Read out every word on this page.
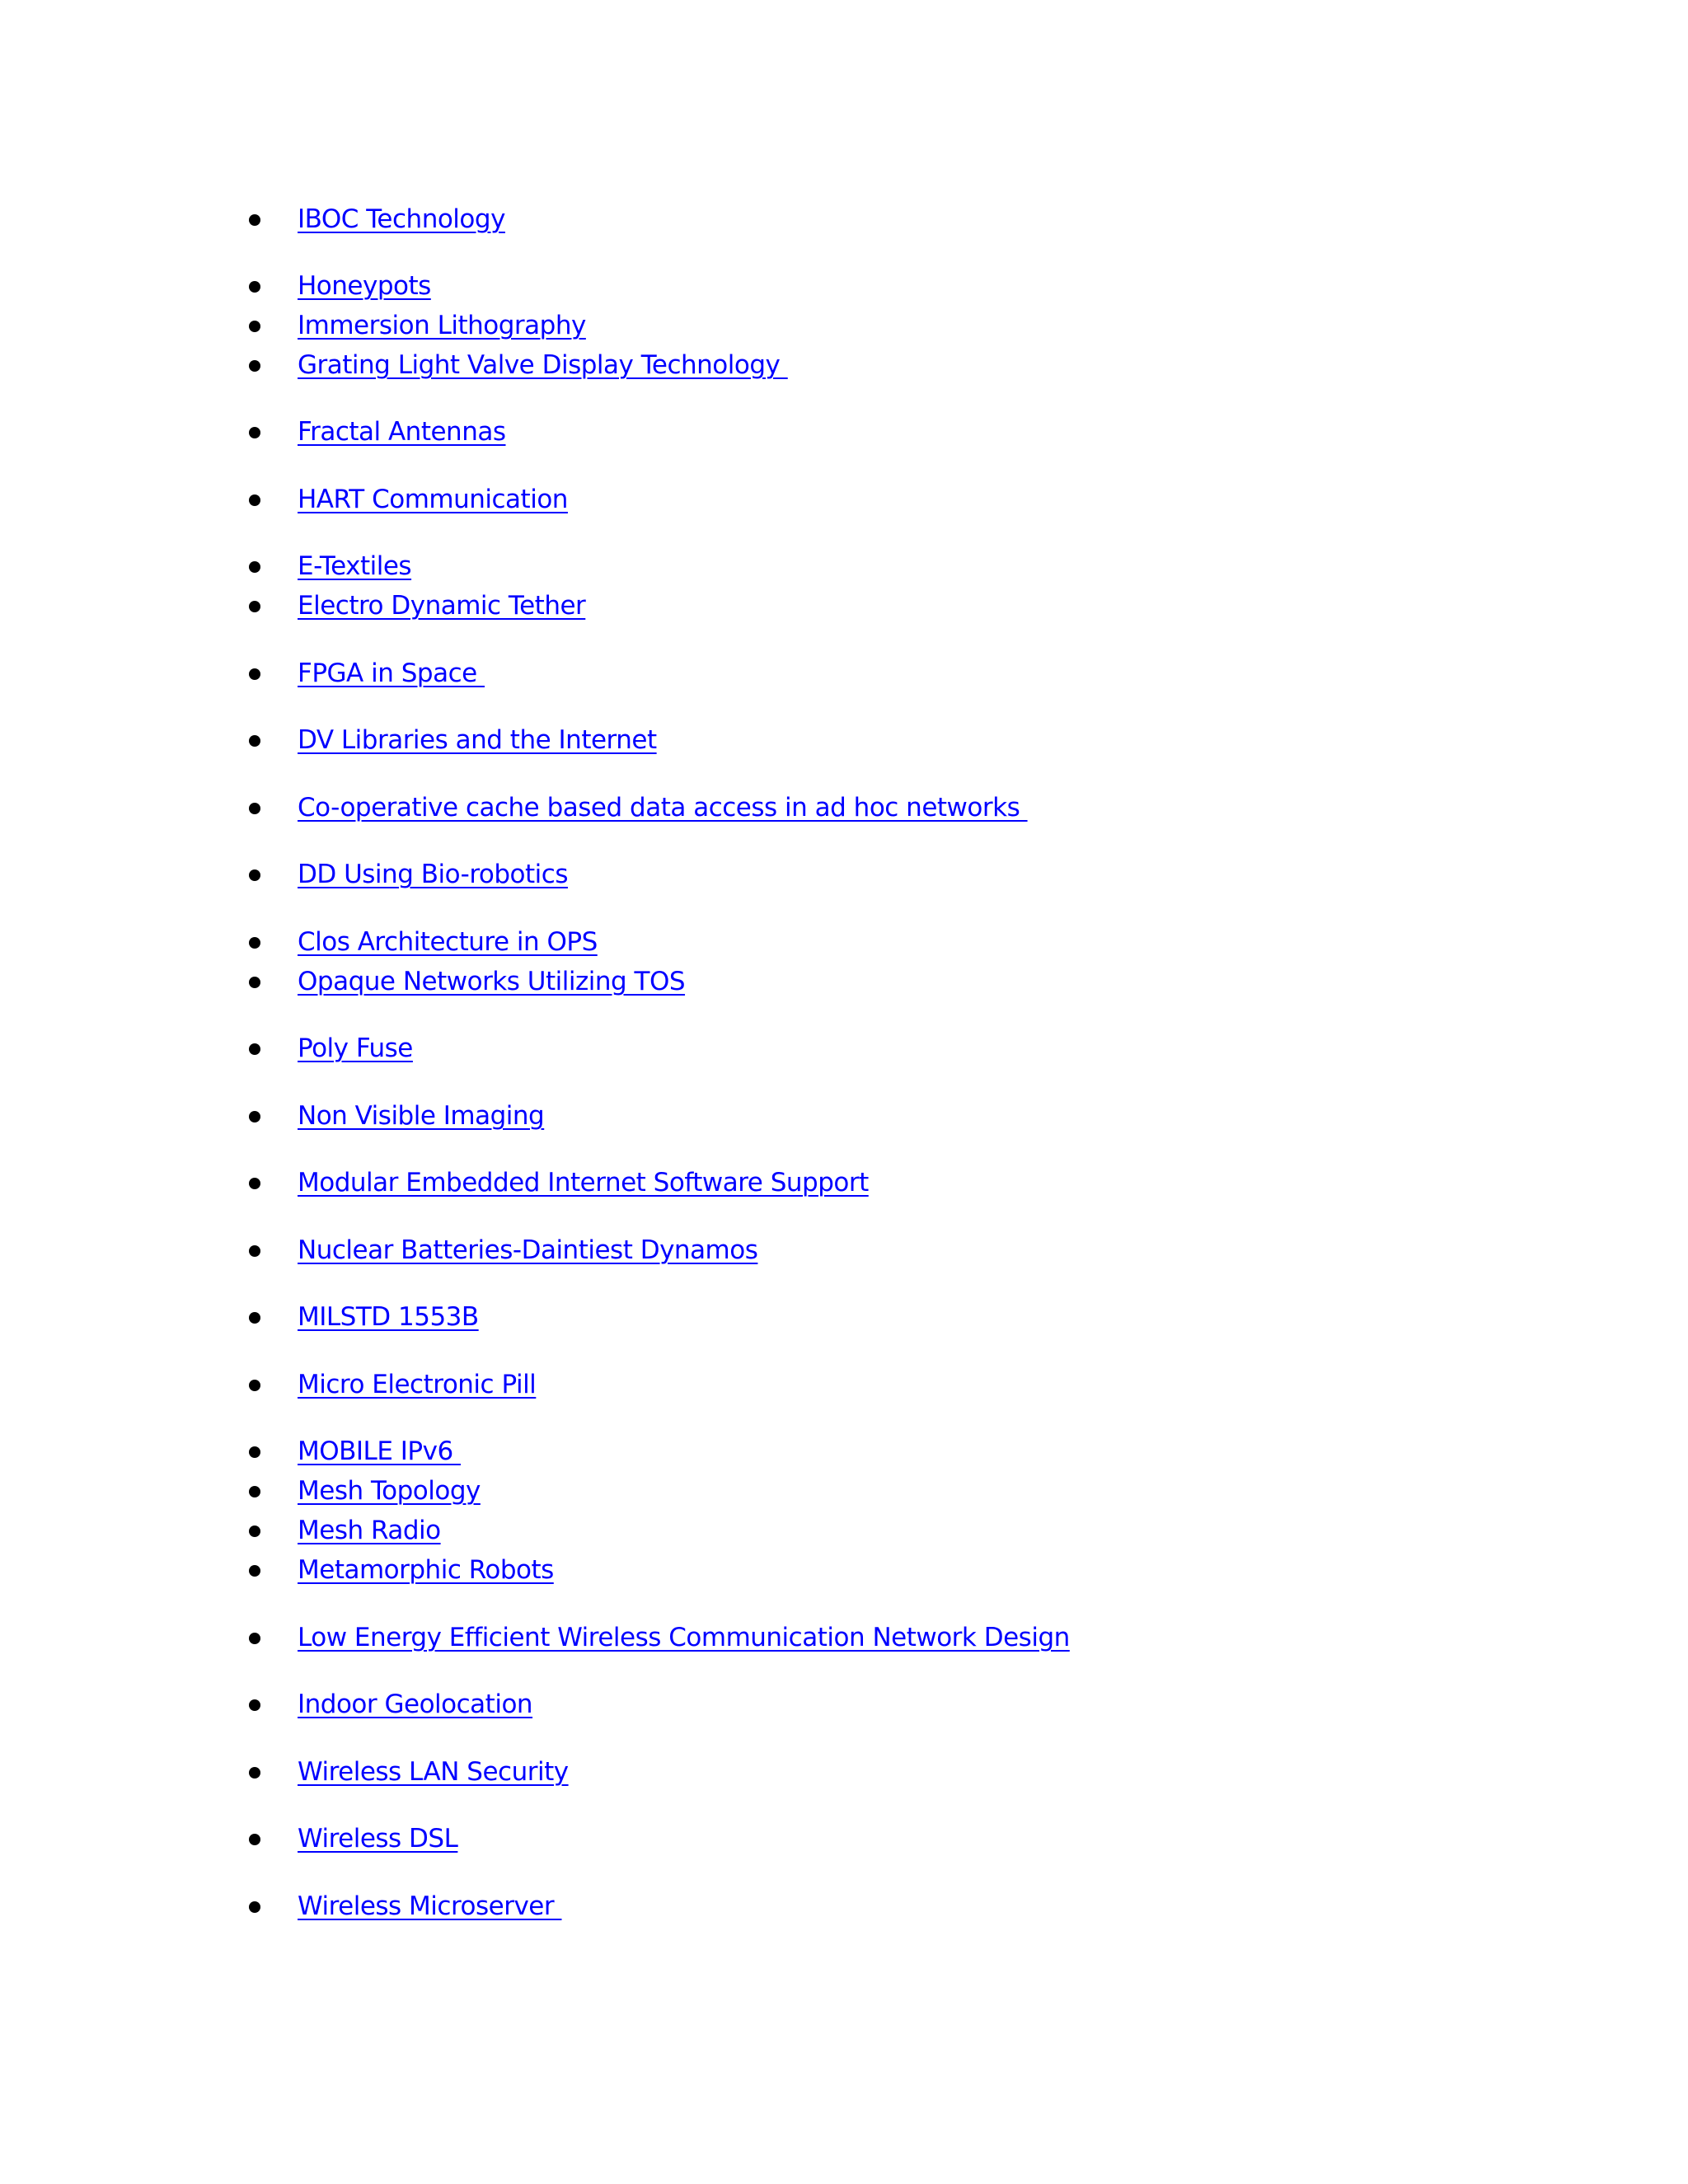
IBOC Technology
Honeypots
Immersion Lithography
Grating Light Valve Display Technology
Fractal Antennas
HART Communication
E-Textiles
Electro Dynamic Tether
FPGA in Space
DV Libraries and the Internet
Co-operative cache based data access in ad hoc networks
DD Using Bio-robotics
Clos Architecture in OPS
Opaque Networks Utilizing TOS
Poly Fuse
Non Visible Imaging
Modular Embedded Internet Software Support
Nuclear Batteries-Daintiest Dynamos
MILSTD 1553B
Micro Electronic Pill
MOBILE IPv6
Mesh Topology
Mesh Radio
Metamorphic Robots
Low Energy Efficient Wireless Communication Network Design
Indoor Geolocation
Wireless LAN Security
Wireless DSL
Wireless Microserver
